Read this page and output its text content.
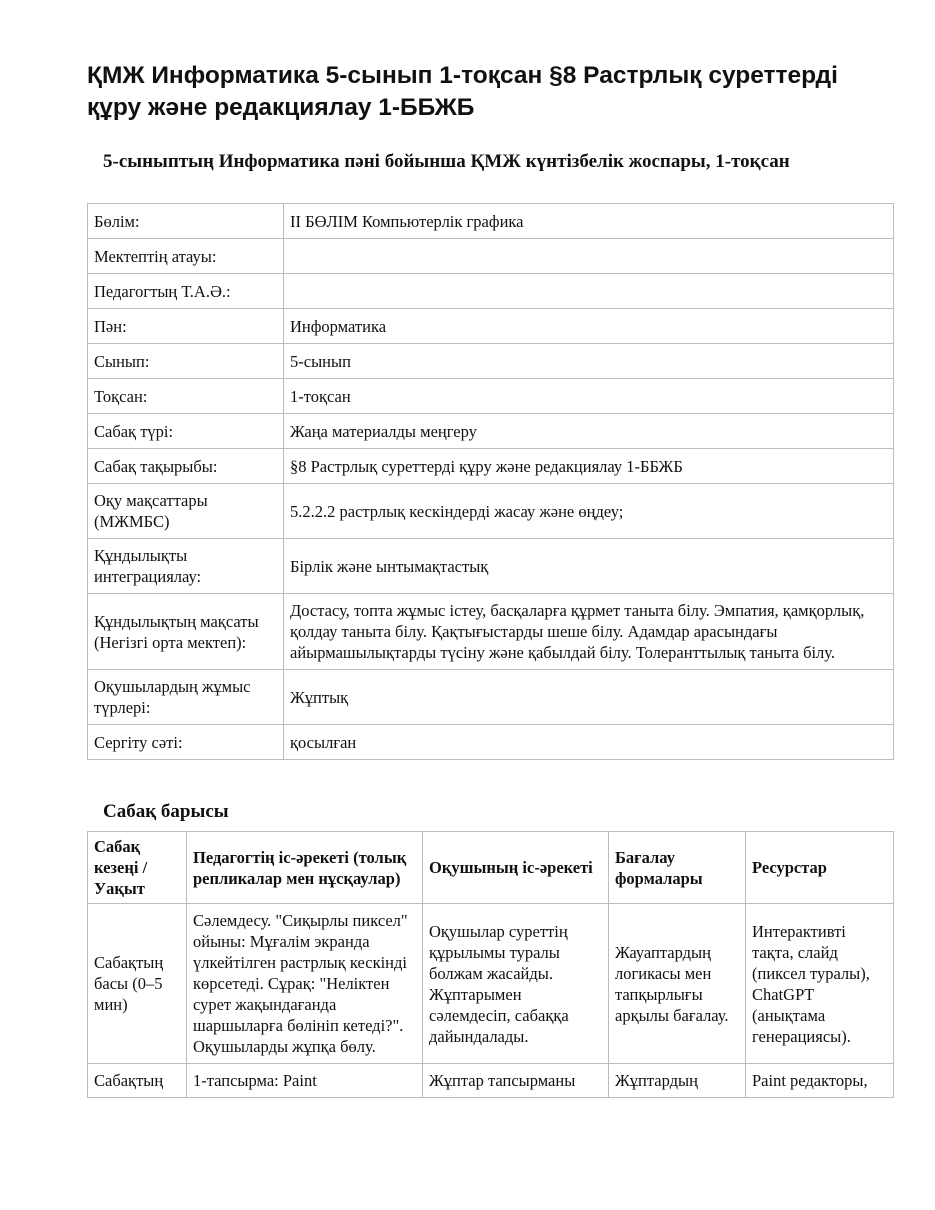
ҚМЖ Информатика 5-сынып 1-тоқсан §8 Растрлық суреттерді құру және редакциялау 1-ББЖБ
5-сыныптың Информатика пәні бойынша ҚМЖ күнтізбелік жоспары, 1-тоқсан
Бөлім:	ІІ БӨЛІМ Компьютерлік графика
Мектептің атауы:	
Педагогтың Т.А.Ә.:	
Пән:	Информатика
Сынып:	5-сынып
Тоқсан:	1-тоқсан
Сабақ түрі:	Жаңа материалды меңгеру
Сабақ тақырыбы:	§8 Растрлық суреттерді құру және редакциялау 1-ББЖБ
Оқу мақсаттары (МЖМБС)	5.2.2.2 растрлық кескіндерді жасау және өңдеу;
Құндылықты интеграциялау:	Бірлік және ынтымақтастық
Құндылықтың мақсаты (Негізгі орта мектеп):	Достасу, топта жұмыс істеу, басқаларға құрмет таныта білу. Эмпатия, қамқорлық, қолдау таныта білу. Қақтығыстарды шеше білу. Адамдар арасындағы айырмашылықтарды түсіну және қабылдай білу. Толеранттылық таныта білу.
Оқушылардың жұмыс түрлері:	Жұптық
Сергіту сәті:	қосылған
Сабақ барысы
Сабақ кезеңі / Уақыт	Педагогтің іс-әрекеті (толық репликалар мен нұсқаулар)	Оқушының іс-әрекеті	Бағалау формалары	Ресурстар
Сабақтың басы (0–5 мин)	Сәлемдесу. "Сиқырлы пиксел" ойыны: Мұғалім экранда үлкейтілген растрлық кескінді көрсетеді. Сұрақ: "Неліктен сурет жақындағанда шаршыларға бөлініп кетеді?". Оқушыларды жұпқа бөлу.	Оқушылар суреттің құрылымы туралы болжам жасайды. Жұптарымен сәлемдесіп, сабаққа дайындалады.	Жауаптардың логикасы мен тапқырлығы арқылы бағалау.	Интерактивті тақта, слайд (пиксел туралы), ChatGPT (анықтама генерациясы).
Сабақтың	1-тапсырма: Paint	Жұптар тапсырманы	Жұптардың	Paint редакторы,
